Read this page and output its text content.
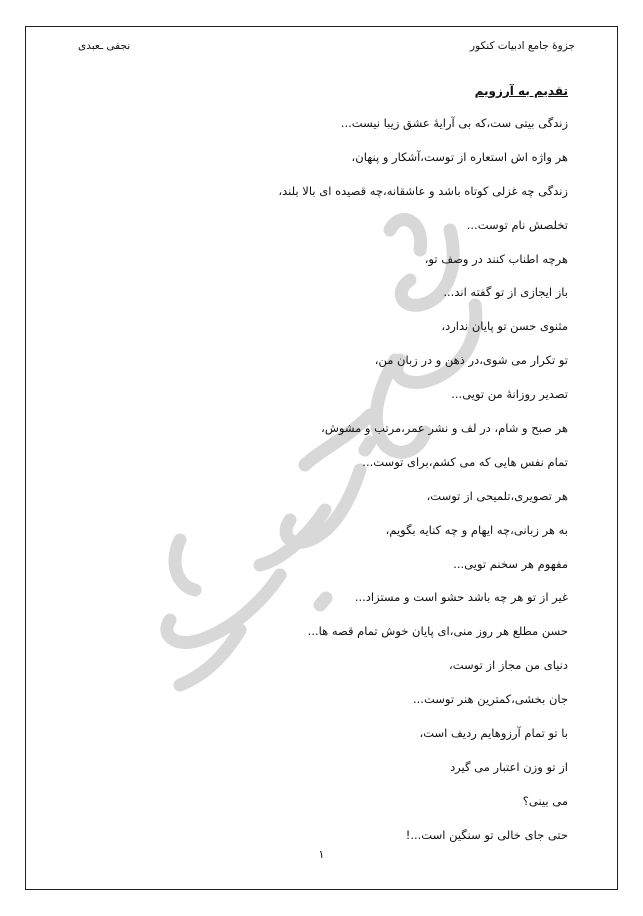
نجفی ـعبدی	جزوۀ جامع ادبیات کنکور
تقدیم به آرزویم
زندگی بیتی ست،که بی آرایۀ عشق زیبا نیست...
هر واژه اش استعاره از توست،آشکار و پنهان،
زندگی چه غزلی کوتاه باشد و عاشقانه،چه قصیده ای بالا بلند،
تخلصش نام توست...
هرچه اطناب کنند در وصف تو،
باز ایجازی از تو گفته اند...
مثنوی حسن تو پایان ندارد،
تو تکرار می شوی،در ذهن و در زبان من،
تصدیر روزانۀ من تویی...
هر صبح و شام، در لف و نشر عمر،مرتب و مشوش،
تمام نفس هایی که می کشم،برای توست...
هر تصویری،تلمیحی از توست،
به هر زبانی،چه ایهام و چه کنایه بگویم،
مفهوم هر سخنم تویی...
غیر از تو هر چه باشد حشو است و مستزاد...
حسن مطلع هر روز منی،ای پایان خوش تمام قصه ها...
دنیای من مجاز از توست،
جان بخشی،کمترین هنر توست...
با تو تمام آرزوهایم ردیف است،
از تو وزن اعتبار می گیرد
می بینی؟
حتی جای خالی تو سنگین است...!
۱
